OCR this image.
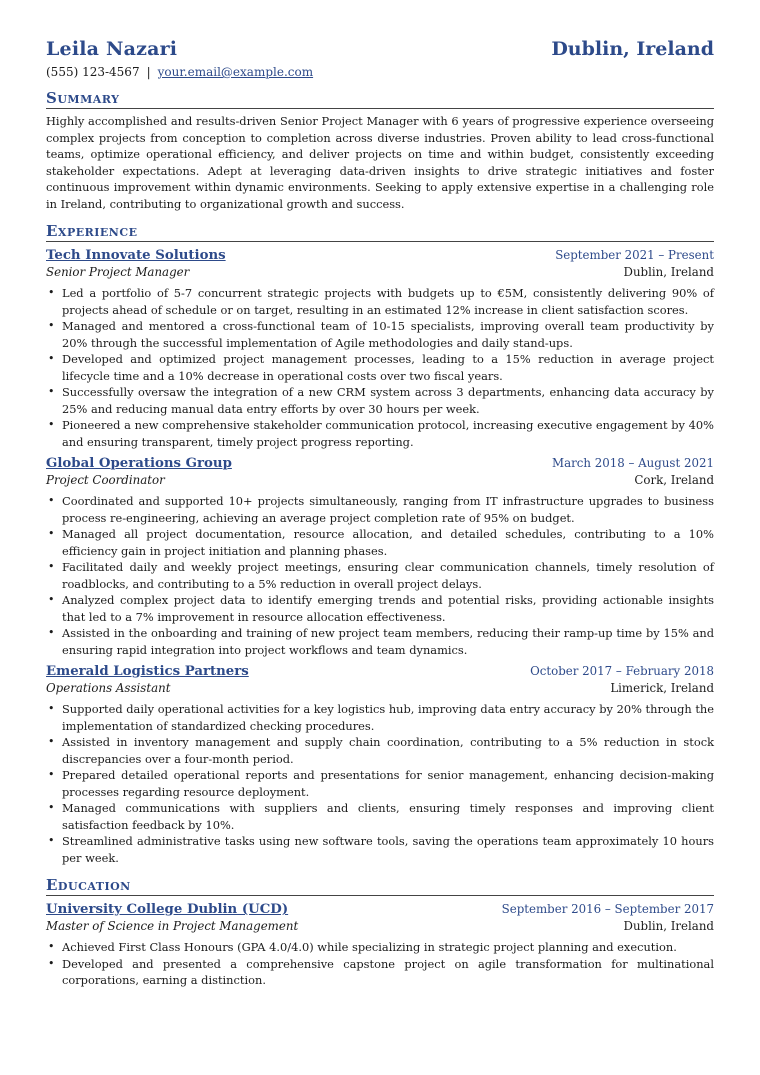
Leila Nazari	Dublin, Ireland
(555) 123-4567 | your.email@example.com
Summary

Highly accomplished and results-driven Senior Project Manager with 6 years of progressive experience overseeing complex projects from conception to completion across diverse industries. Proven ability to lead cross-functional teams, optimize operational efficiency, and deliver projects on time and within budget, consistently exceeding stakeholder expectations. Adept at leveraging data-driven insights to drive strategic initiatives and foster continuous improvement within dynamic environments. Seeking to apply extensive expertise in a challenging role in Ireland, contributing to organizational growth and success.

Experience
Tech Innovate Solutions	September 2021 – Present
Senior Project Manager	Dublin, Ireland
• Led a portfolio of 5-7 concurrent strategic projects with budgets up to €5M, consistently delivering 90% of projects ahead of schedule or on target, resulting in an estimated 12% increase in client satisfaction scores.
• Managed and mentored a cross-functional team of 10-15 specialists, improving overall team productivity by 20% through the successful implementation of Agile methodologies and daily stand-ups.
• Developed and optimized project management processes, leading to a 15% reduction in average project lifecycle time and a 10% decrease in operational costs over two fiscal years.
• Successfully oversaw the integration of a new CRM system across 3 departments, enhancing data accuracy by 25% and reducing manual data entry efforts by over 30 hours per week.
• Pioneered a new comprehensive stakeholder communication protocol, increasing executive engagement by 40% and ensuring transparent, timely project progress reporting.
Global Operations Group	March 2018 – August 2021
Project Coordinator	Cork, Ireland
• Coordinated and supported 10+ projects simultaneously, ranging from IT infrastructure upgrades to business process re-engineering, achieving an average project completion rate of 95% on budget.
• Managed all project documentation, resource allocation, and detailed schedules, contributing to a 10% efficiency gain in project initiation and planning phases.
• Facilitated daily and weekly project meetings, ensuring clear communication channels, timely resolution of roadblocks, and contributing to a 5% reduction in overall project delays.
• Analyzed complex project data to identify emerging trends and potential risks, providing actionable insights that led to a 7% improvement in resource allocation effectiveness.
• Assisted in the onboarding and training of new project team members, reducing their ramp-up time by 15% and ensuring rapid integration into project workflows and team dynamics.
Emerald Logistics Partners	October 2017 – February 2018
Operations Assistant	Limerick, Ireland
• Supported daily operational activities for a key logistics hub, improving data entry accuracy by 20% through the implementation of standardized checking procedures.
• Assisted in inventory management and supply chain coordination, contributing to a 5% reduction in stock discrepancies over a four-month period.
• Prepared detailed operational reports and presentations for senior management, enhancing decision-making processes regarding resource deployment.
• Managed communications with suppliers and clients, ensuring timely responses and improving client satisfaction feedback by 10%.
• Streamlined administrative tasks using new software tools, saving the operations team approximately 10 hours per week.
Education
University College Dublin (UCD)	September 2016 – September 2017
Master of Science in Project Management	Dublin, Ireland
• Achieved First Class Honours (GPA 4.0/4.0) while specializing in strategic project planning and execution.
• Developed and presented a comprehensive capstone project on agile transformation for multinational corporations, earning a distinction.
